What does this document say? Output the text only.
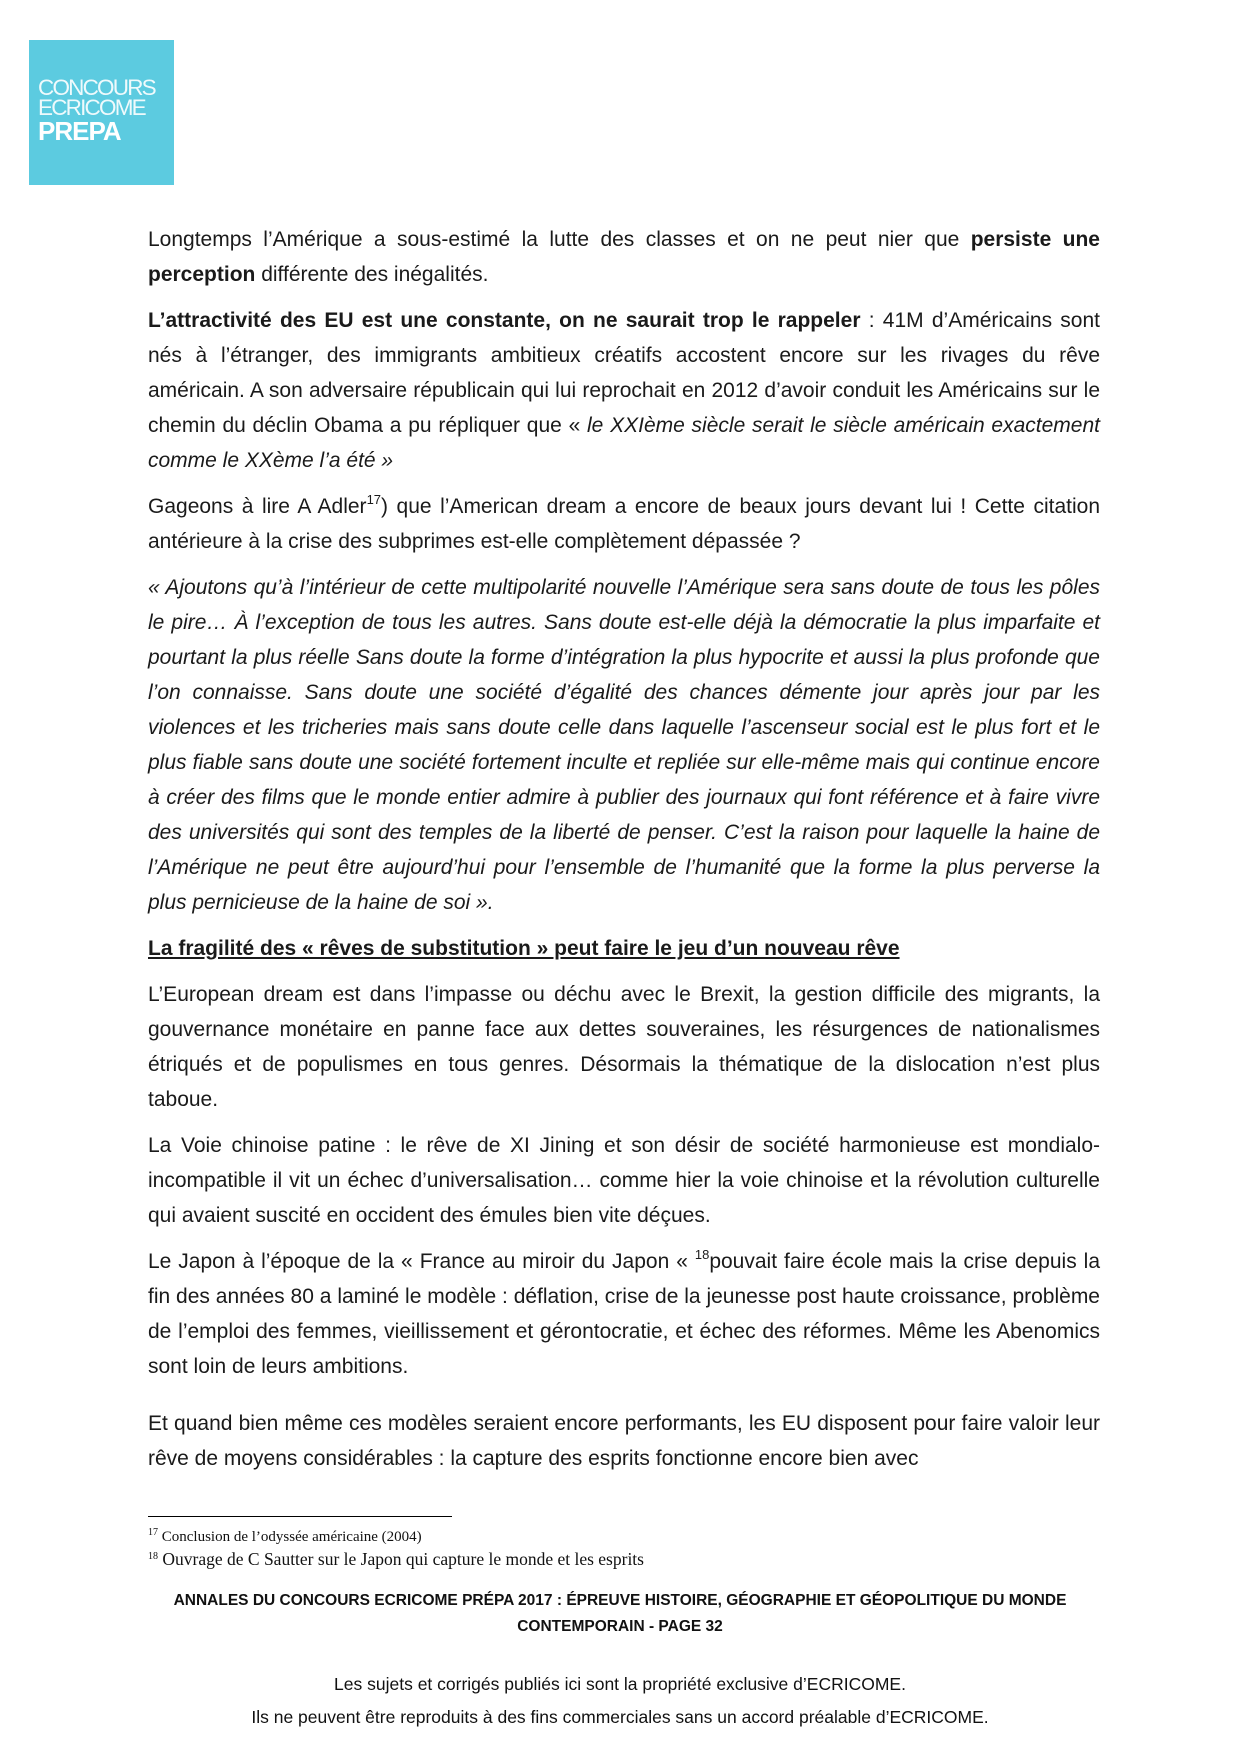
CONCOURS
ECRICOME
PREPA

Longtemps l’Amérique a sous-estimé la lutte des classes et on ne peut nier que persiste une perception différente des inégalités.

L’attractivité des EU est une constante, on ne saurait trop le rappeler : 41M d’Américains sont nés à l’étranger, des immigrants ambitieux créatifs accostent encore sur les rivages du rêve américain. A son adversaire républicain qui lui reprochait en 2012 d’avoir conduit les Américains sur le chemin du déclin Obama a pu répliquer que « le XXIème siècle serait le siècle américain exactement comme le XXème l’a été »

Gageons à lire A Adler$^{17}$) que l’American dream a encore de beaux jours devant lui ! Cette citation antérieure à la crise des subprimes est-elle complètement dépassée ?

« Ajoutons qu’à l’intérieur de cette multipolarité nouvelle l’Amérique sera sans doute de tous les pôles le pire… À l’exception de tous les autres. Sans doute est-elle déjà la démocratie la plus imparfaite et pourtant la plus réelle Sans doute la forme d’intégration la plus hypocrite et aussi la plus profonde que l’on connaisse. Sans doute une société d’égalité des chances démente jour après jour par les violences et les tricheries mais sans doute celle dans laquelle l’ascenseur social est le plus fort et le plus fiable sans doute une société fortement inculte et repliée sur elle-même mais qui continue encore à créer des films que le monde entier admire à publier des journaux qui font référence et à faire vivre des universités qui sont des temples de la liberté de penser. C’est la raison pour laquelle la haine de l’Amérique ne peut être aujourd’hui pour l’ensemble de l’humanité que la forme la plus perverse la plus pernicieuse de la haine de soi ».

La fragilité des « rêves de substitution » peut faire le jeu d’un nouveau rêve

L’European dream est dans l’impasse ou déchu avec le Brexit, la gestion difficile des migrants, la gouvernance monétaire en panne face aux dettes souveraines, les résurgences de nationalismes étriqués et de populismes en tous genres. Désormais la thématique de la dislocation n’est plus taboue.

La Voie chinoise patine : le rêve de XI Jining et son désir de société harmonieuse est mondialo-incompatible il vit un échec d’universalisation… comme hier la voie chinoise et la révolution culturelle qui avaient suscité en occident des émules bien vite déçues.

Le Japon à l’époque de la « France au miroir du Japon « $^{18}$pouvait faire école mais la crise depuis la fin des années 80 a laminé le modèle : déflation, crise de la jeunesse post haute croissance, problème de l’emploi des femmes, vieillissement et gérontocratie, et échec des réformes. Même les Abenomics sont loin de leurs ambitions.

Et quand bien même ces modèles seraient encore performants, les EU disposent pour faire valoir leur rêve de moyens considérables : la capture des esprits fonctionne encore bien avec

$^{17}$ Conclusion de l’odyssée américaine (2004)
$^{18}$ Ouvrage de C Sautter sur le Japon qui capture le monde et les esprits
ANNALES DU CONCOURS ECRICOME PRÉPA 2017 : ÉPREUVE HISTOIRE, GÉOGRAPHIE ET GÉOPOLITIQUE DU MONDE
CONTEMPORAIN - PAGE 32
Les sujets et corrigés publiés ici sont la propriété exclusive d’ECRICOME.
Ils ne peuvent être reproduits à des fins commerciales sans un accord préalable d’ECRICOME.
